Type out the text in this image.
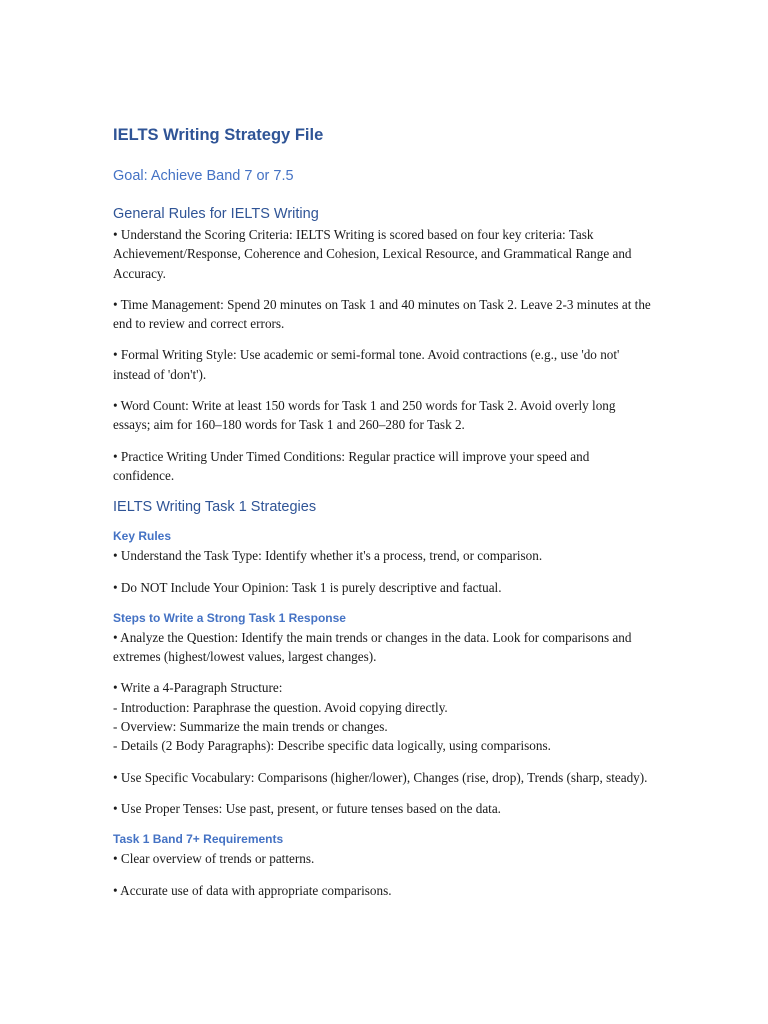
IELTS Writing Strategy File
Goal: Achieve Band 7 or 7.5
General Rules for IELTS Writing

• Understand the Scoring Criteria: IELTS Writing is scored based on four key criteria: Task Achievement/Response, Coherence and Cohesion, Lexical Resource, and Grammatical Range and Accuracy.

• Time Management: Spend 20 minutes on Task 1 and 40 minutes on Task 2. Leave 2-3 minutes at the end to review and correct errors.

• Formal Writing Style: Use academic or semi-formal tone. Avoid contractions (e.g., use 'do not' instead of 'don't').

• Word Count: Write at least 150 words for Task 1 and 250 words for Task 2. Avoid overly long essays; aim for 160–180 words for Task 1 and 260–280 for Task 2.

• Practice Writing Under Timed Conditions: Regular practice will improve your speed and confidence.

IELTS Writing Task 1 Strategies
Key Rules

• Understand the Task Type: Identify whether it's a process, trend, or comparison.

• Do NOT Include Your Opinion: Task 1 is purely descriptive and factual.

Steps to Write a Strong Task 1 Response

• Analyze the Question: Identify the main trends or changes in the data. Look for comparisons and extremes (highest/lowest values, largest changes).

• Write a 4-Paragraph Structure:
- Introduction: Paraphrase the question. Avoid copying directly.
- Overview: Summarize the main trends or changes.
- Details (2 Body Paragraphs): Describe specific data logically, using comparisons.

• Use Specific Vocabulary: Comparisons (higher/lower), Changes (rise, drop), Trends (sharp, steady).

• Use Proper Tenses: Use past, present, or future tenses based on the data.

Task 1 Band 7+ Requirements

• Clear overview of trends or patterns.

• Accurate use of data with appropriate comparisons.
